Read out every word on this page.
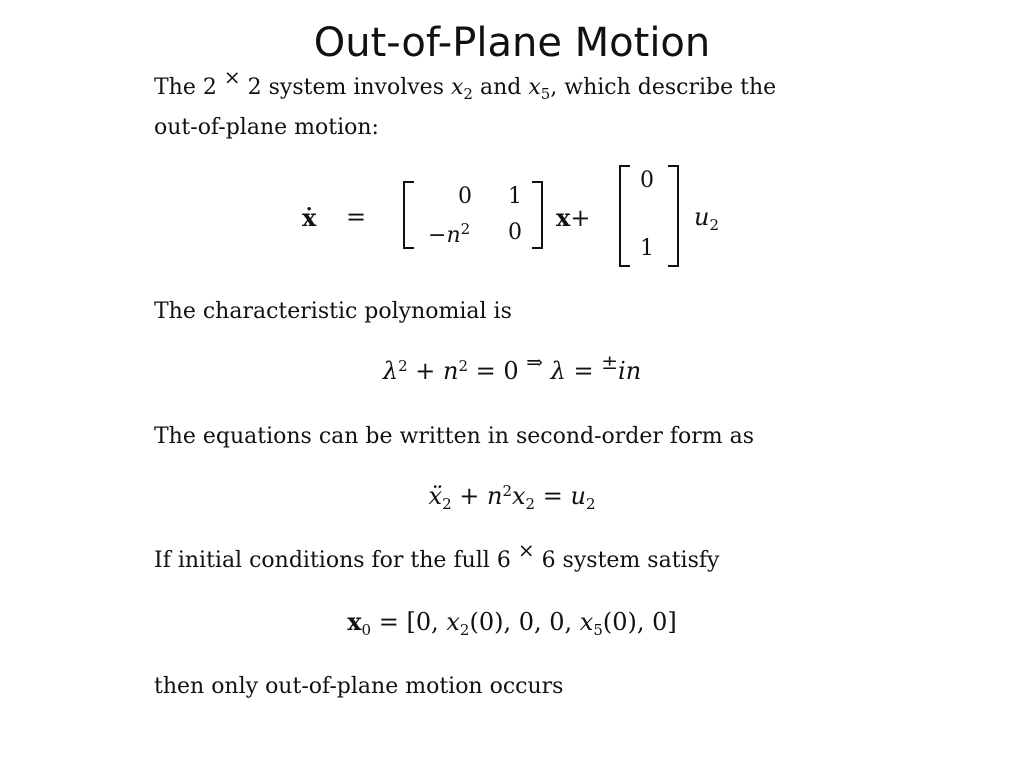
Out-of-Plane Motion
The 2 × 2 system involves $x_2$ and $x_5$, which describe the
out-of-plane motion:
ẋ =
0 1
$-n^2$ 0
x+
0
1
$u_2$
The characteristic polynomial is
$\lambda^2 + n^2 = 0$ ⇒ λ = ±in
The equations can be written in second-order form as
ẍ$_2$ + $n^2x_2 = u_2$
If initial conditions for the full 6 × 6 system satisfy
$x_0 = [0$, $x_2(0)$, 0, 0, $x_5(0)$, 0]
then only out-of-plane motion occurs
